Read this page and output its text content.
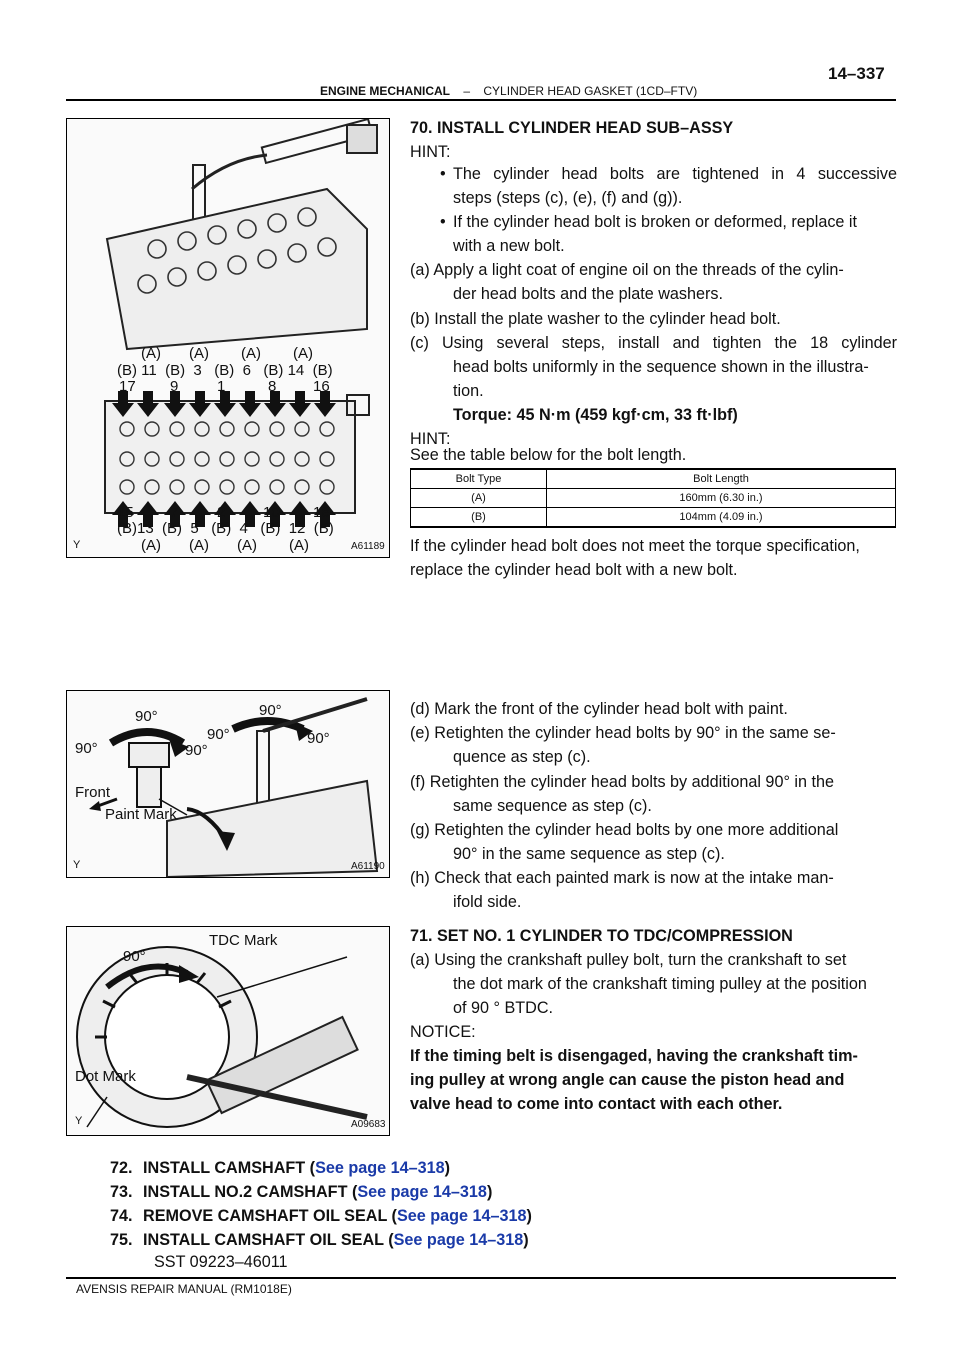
14–337
ENGINE MECHANICAL – CYLINDER HEAD GASKET (1CD–FTV)
(A) (A) (A) (A)
(B) 11  (B)  3   (B)  6   (B) 14  (B)
17 9	1	8 16
15 7	2	10 18
(B)13  (B)  5   (B)  4   (B)  12  (B)
(A) (A) (A) (A)
Y	A61189
90°
90°	90°
90°
90°
90°
Front
Paint Mark
Y	A61190
90°
TDC Mark
Dot Mark
Y	A09683
70. INSTALL CYLINDER HEAD SUB–ASSY
HINT:
• The cylinder head bolts are tightened in 4 successive
steps (steps (c), (e), (f) and (g)).
• If the cylinder head bolt is broken or deformed, replace it
with a new bolt.
(a) Apply a light coat of engine oil on the threads of the cylin-
der head bolts and the plate washers.
(b) Install the plate washer to the cylinder head bolt.
(c) Using several steps, install and tighten the 18 cylinder
head bolts uniformly in the sequence shown in the illustra-
tion.
Torque: 45 N·m (459 kgf·cm, 33 ft·lbf)
HINT:
See the table below for the bolt length.
Bolt Type	Bolt Length
(A)	160mm (6.30 in.)
(B)	104mm (4.09 in.)
If the cylinder head bolt does not meet the torque specification,
replace the cylinder head bolt with a new bolt.
(d) Mark the front of the cylinder head bolt with paint.
(e) Retighten the cylinder head bolts by 90° in the same se-
quence as step (c).
(f) Retighten the cylinder head bolts by additional 90° in the
same sequence as step (c).
(g) Retighten the cylinder head bolts by one more additional
90° in the same sequence as step (c).
(h) Check that each painted mark is now at the intake man-
ifold side.
71. SET NO. 1 CYLINDER TO TDC/COMPRESSION
(a) Using the crankshaft pulley bolt, turn the crankshaft to set
the dot mark of the crankshaft timing pulley at the position
of 90 ° BTDC.
NOTICE:
If the timing belt is disengaged, having the crankshaft tim-
ing pulley at wrong angle can cause the piston head and
valve head to come into contact with each other.
72. INSTALL CAMSHAFT (See page 14–318)
73. INSTALL NO.2 CAMSHAFT (See page 14–318)
74. REMOVE CAMSHAFT OIL SEAL (See page 14–318)
75. INSTALL CAMSHAFT OIL SEAL (See page 14–318)
SST 09223–46011
AVENSIS REPAIR MANUAL (RM1018E)
